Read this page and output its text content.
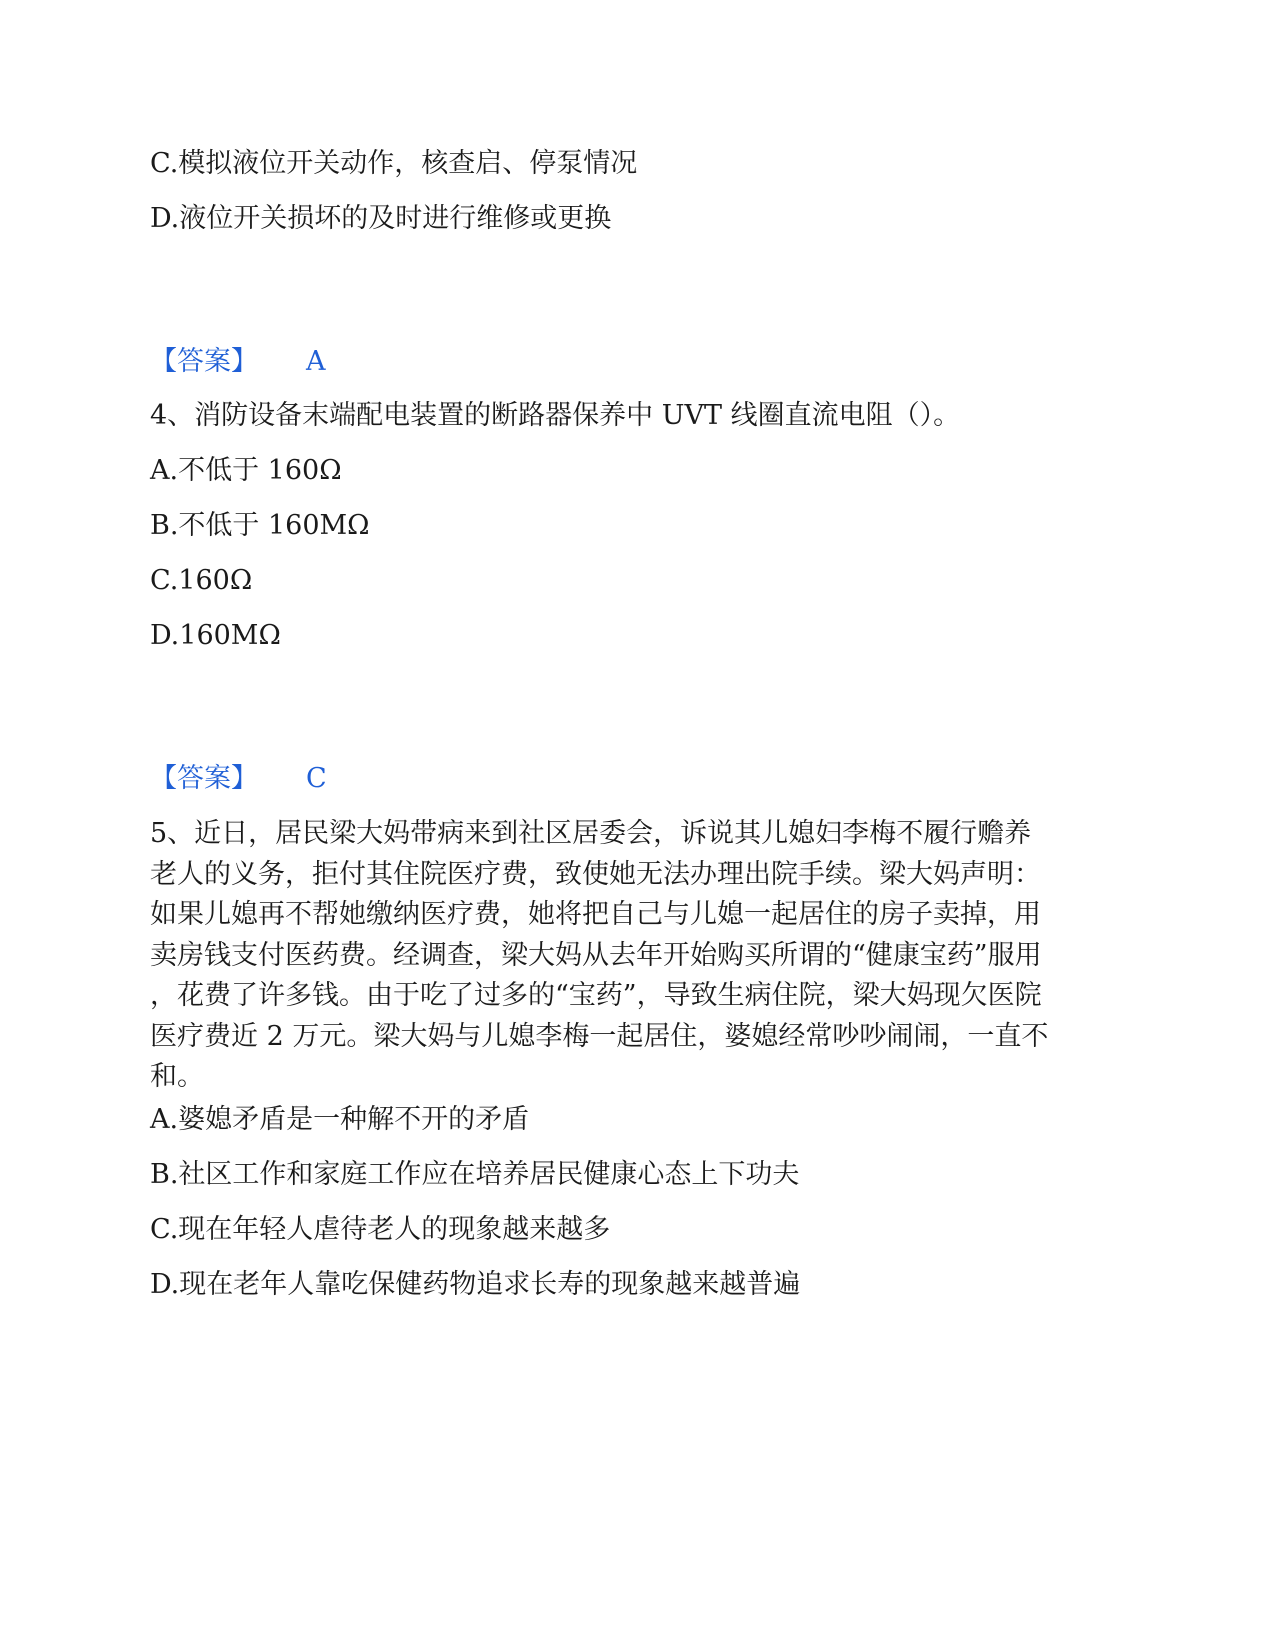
C.模拟液位开关动作，核查启、停泵情况
D.液位开关损坏的及时进行维修或更换
【答案】 A
4、消防设备末端配电装置的断路器保养中 UVT 线圈直流电阻（）。
A.不低于 160Ω
B.不低于 160MΩ
C.160Ω
D.160MΩ
【答案】 C
5、近日，居民梁大妈带病来到社区居委会，诉说其儿媳妇李梅不履行赡养
老人的义务，拒付其住院医疗费，致使她无法办理出院手续。梁大妈声明：
如果儿媳再不帮她缴纳医疗费，她将把自己与儿媳一起居住的房子卖掉，用
卖房钱支付医药费。经调查，梁大妈从去年开始购买所谓的“健康宝药”服用
，花费了许多钱。由于吃了过多的“宝药”，导致生病住院，梁大妈现欠医院
医疗费近 2 万元。梁大妈与儿媳李梅一起居住，婆媳经常吵吵闹闹，一直不
和。
A.婆媳矛盾是一种解不开的矛盾
B.社区工作和家庭工作应在培养居民健康心态上下功夫
C.现在年轻人虐待老人的现象越来越多
D.现在老年人靠吃保健药物追求长寿的现象越来越普遍
